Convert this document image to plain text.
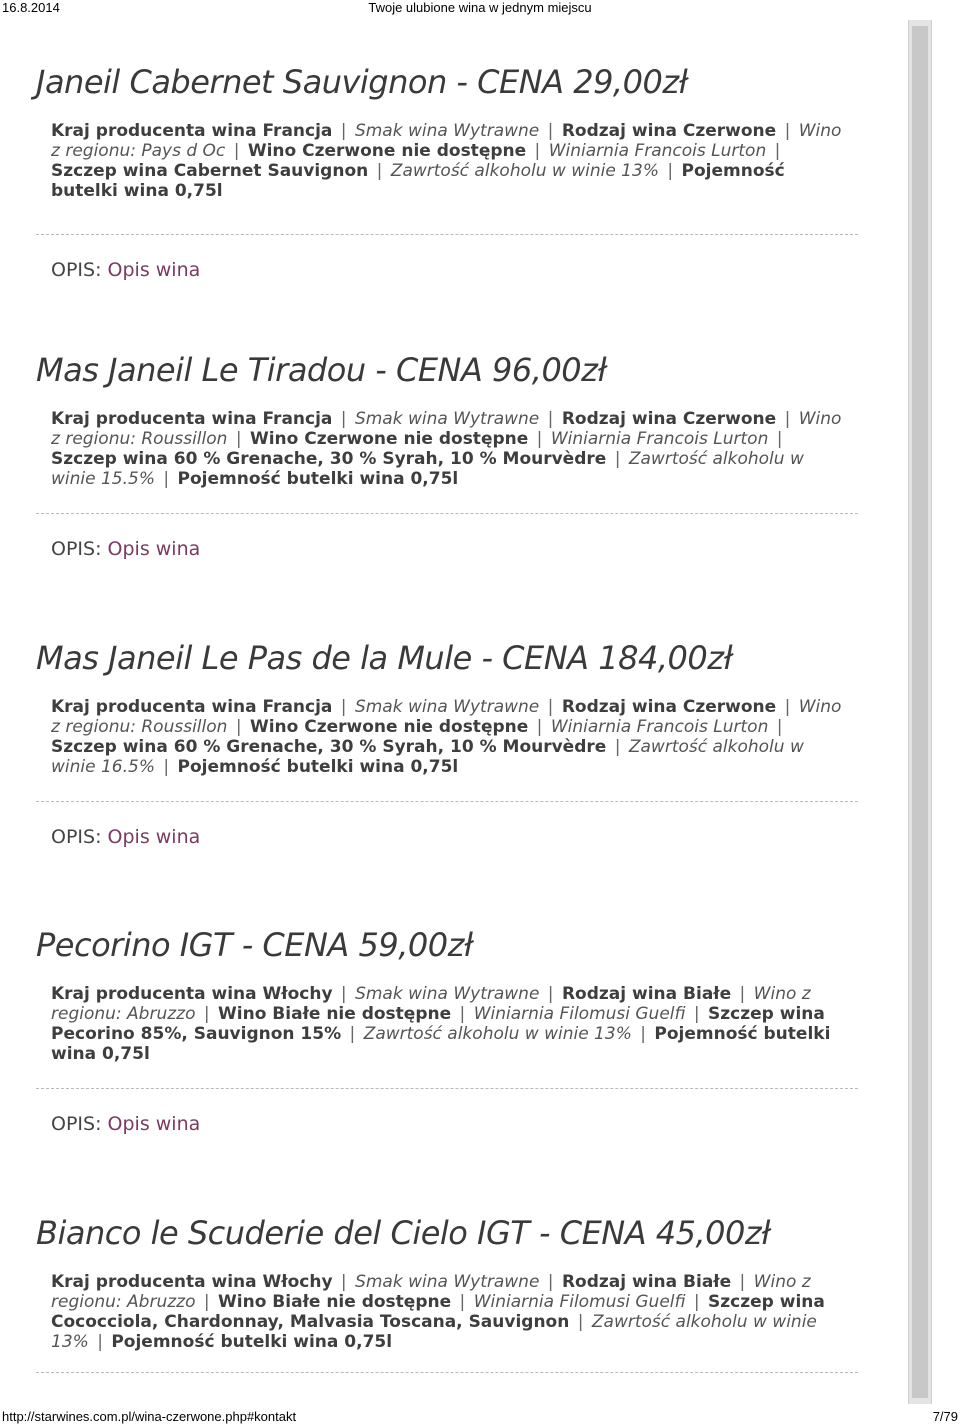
16.8.2014	Twoje ulubione wina w jednym miejscu
Janeil Cabernet Sauvignon - CENA 29,00zł
Kraj producenta wina Francja | Smak wina Wytrawne | Rodzaj wina Czerwone | Wino z regionu: Pays d Oc | Wino Czerwone nie dostępne | Winiarnia Francois Lurton | Szczep wina Cabernet Sauvignon | Zawrtość alkoholu w winie 13% | Pojemność butelki wina 0,75l
OPIS: Opis wina
Mas Janeil Le Tiradou - CENA 96,00zł
Kraj producenta wina Francja | Smak wina Wytrawne | Rodzaj wina Czerwone | Wino z regionu: Roussillon | Wino Czerwone nie dostępne | Winiarnia Francois Lurton | Szczep wina 60 % Grenache, 30 % Syrah, 10 % Mourvèdre | Zawrtość alkoholu w winie 15.5% | Pojemność butelki wina 0,75l
OPIS: Opis wina
Mas Janeil Le Pas de la Mule - CENA 184,00zł
Kraj producenta wina Francja | Smak wina Wytrawne | Rodzaj wina Czerwone | Wino z regionu: Roussillon | Wino Czerwone nie dostępne | Winiarnia Francois Lurton | Szczep wina 60 % Grenache, 30 % Syrah, 10 % Mourvèdre | Zawrtość alkoholu w winie 16.5% | Pojemność butelki wina 0,75l
OPIS: Opis wina
Pecorino IGT - CENA 59,00zł
Kraj producenta wina Włochy | Smak wina Wytrawne | Rodzaj wina Białe | Wino z regionu: Abruzzo | Wino Białe nie dostępne | Winiarnia Filomusi Guelfi | Szczep wina Pecorino 85%, Sauvignon 15% | Zawrtość alkoholu w winie 13% | Pojemność butelki wina 0,75l
OPIS: Opis wina
Bianco le Scuderie del Cielo IGT - CENA 45,00zł
Kraj producenta wina Włochy | Smak wina Wytrawne | Rodzaj wina Białe | Wino z regionu: Abruzzo | Wino Białe nie dostępne | Winiarnia Filomusi Guelfi | Szczep wina Cococciola, Chardonnay, Malvasia Toscana, Sauvignon | Zawrtość alkoholu w winie 13% | Pojemność butelki wina 0,75l
http://starwines.com.pl/wina-czerwone.php#kontakt	7/79
